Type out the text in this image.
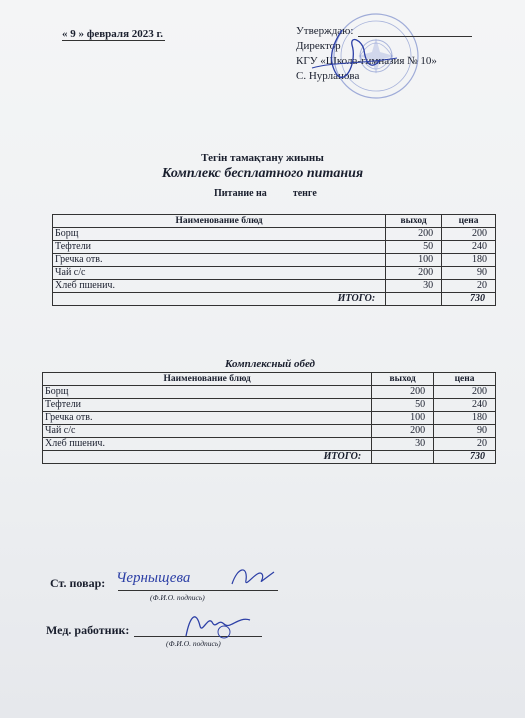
« 9 » февраля 2023 г.	Утверждаю:
Директор
КГУ «Школа-гимназия № 10»
С. Нурланова
Тегін тамақтану жиыны
Комплекс бесплатного питания
Питание на	тенге
Наименование блюд	выход	цена
Борщ	200	200
Тефтели	50	240
Гречка отв.	100	180
Чай с/с	200	90
Хлеб пшенич.	30	20
ИТОГО:		730
Комплексный обед
Наименование блюд	выход	цена
Борщ	200	200
Тефтели	50	240
Гречка отв.	100	180
Чай с/с	200	90
Хлеб пшенич.	30	20
ИТОГО:		730
Ст. повар: Черныщева
(Ф.И.О. подпись)
Мед. работник:
(Ф.И.О. подпись)
